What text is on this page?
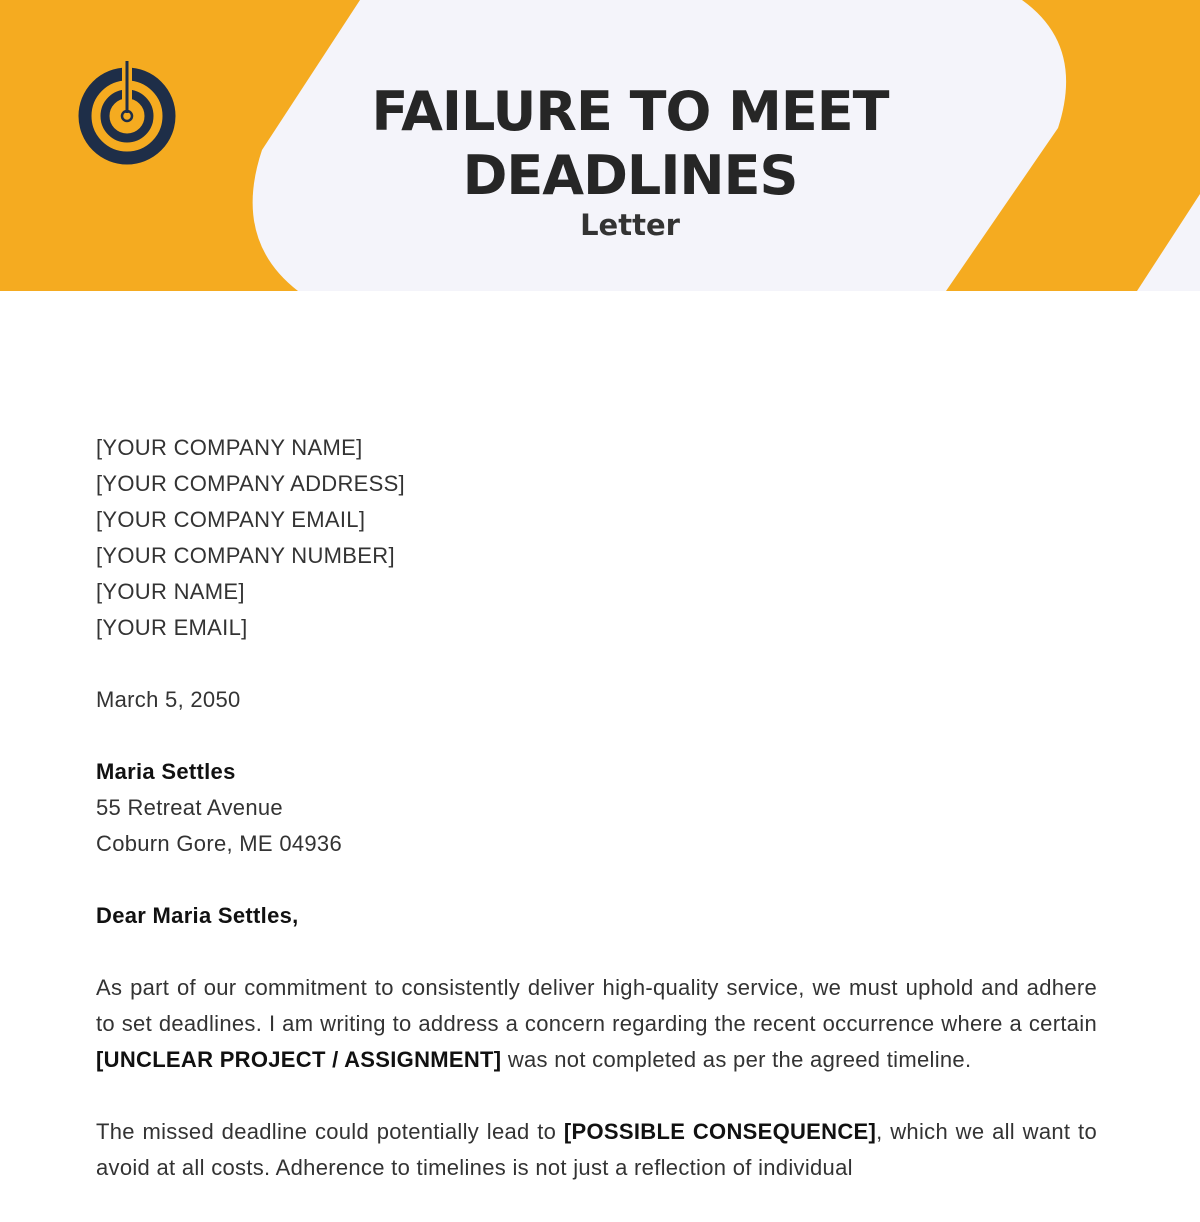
FAILURE TO MEET DEADLINES
Letter
[YOUR COMPANY NAME]
[YOUR COMPANY ADDRESS]
[YOUR COMPANY EMAIL]
[YOUR COMPANY NUMBER]
[YOUR NAME]
[YOUR EMAIL]
March 5, 2050
Maria Settles
55 Retreat Avenue
Coburn Gore, ME 04936
Dear Maria Settles,

As part of our commitment to consistently deliver high-quality service, we must uphold and adhere to set deadlines. I am writing to address a concern regarding the recent occurrence where a certain [UNCLEAR PROJECT / ASSIGNMENT] was not completed as per the agreed timeline.

The missed deadline could potentially lead to [POSSIBLE CONSEQUENCE], which we all want to avoid at all costs. Adherence to timelines is not just a reflection of individual
